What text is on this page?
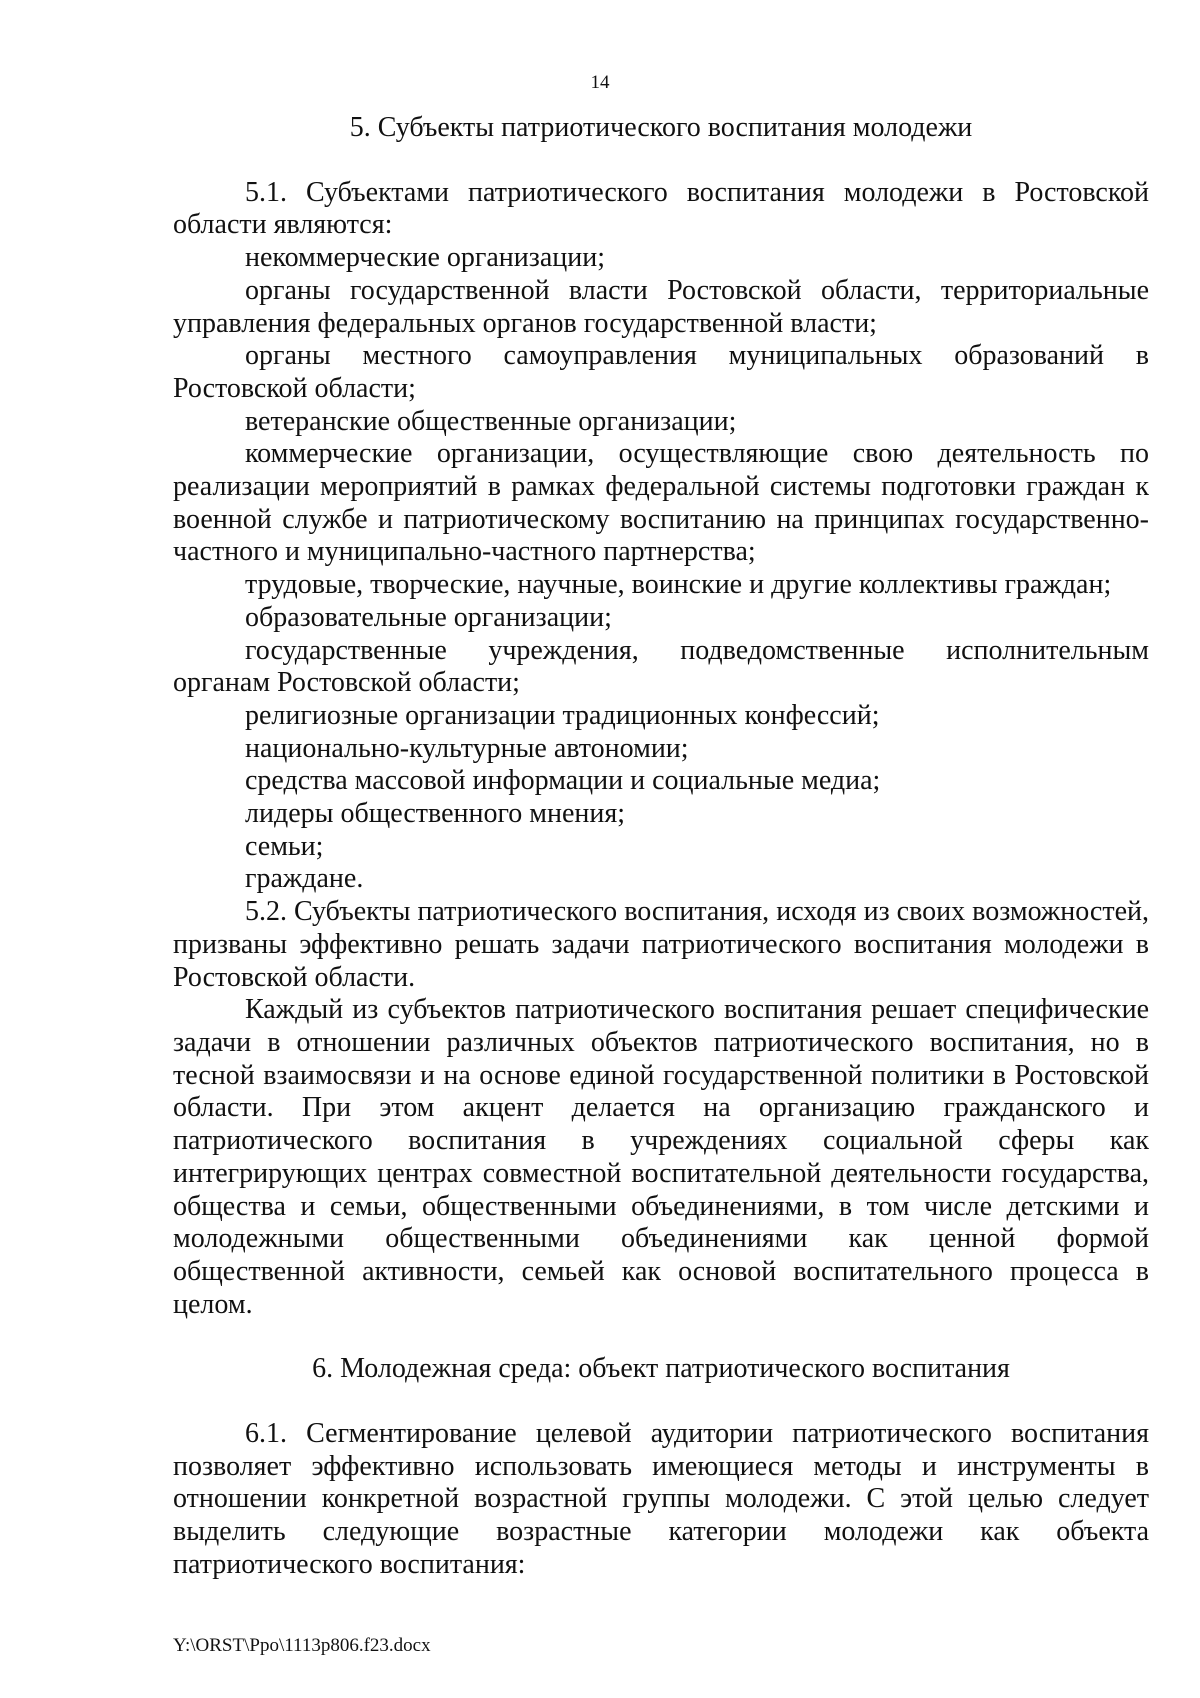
14

5. Субъекты патриотического воспитания молодежи

5.1. Субъектами патриотического воспитания молодежи в Ростовской области являются:

некоммерческие организации;

органы государственной власти Ростовской области, территориальные управления федеральных органов государственной власти;

органы местного самоуправления муниципальных образований в Ростовской области;

ветеранские общественные организации;

коммерческие организации, осуществляющие свою деятельность по реализации мероприятий в рамках федеральной системы подготовки граждан к военной службе и патриотическому воспитанию на принципах государственно-частного и муниципально-частного партнерства;

трудовые, творческие, научные, воинские и другие коллективы граждан;

образовательные организации;

государственные учреждения, подведомственные исполнительным органам Ростовской области;

религиозные организации традиционных конфессий;

национально-культурные автономии;

средства массовой информации и социальные медиа;

лидеры общественного мнения;

семьи;

граждане.

5.2. Субъекты патриотического воспитания, исходя из своих возможностей, призваны эффективно решать задачи патриотического воспитания молодежи в Ростовской области.

Каждый из субъектов патриотического воспитания решает специфические задачи в отношении различных объектов патриотического воспитания, но в тесной взаимосвязи и на основе единой государственной политики в Ростовской области. При этом акцент делается на организацию гражданского и патриотического воспитания в учреждениях социальной сферы как интегрирующих центрах совместной воспитательной деятельности государства, общества и семьи, общественными объединениями, в том числе детскими и молодежными общественными объединениями как ценной формой общественной активности, семьей как основой воспитательного процесса в целом.

6. Молодежная среда: объект патриотического воспитания

6.1. Сегментирование целевой аудитории патриотического воспитания позволяет эффективно использовать имеющиеся методы и инструменты в отношении конкретной возрастной группы молодежи. С этой целью следует выделить следующие возрастные категории молодежи как объекта патриотического воспитания:

Y:\ORST\Ppo\1113p806.f23.docx
